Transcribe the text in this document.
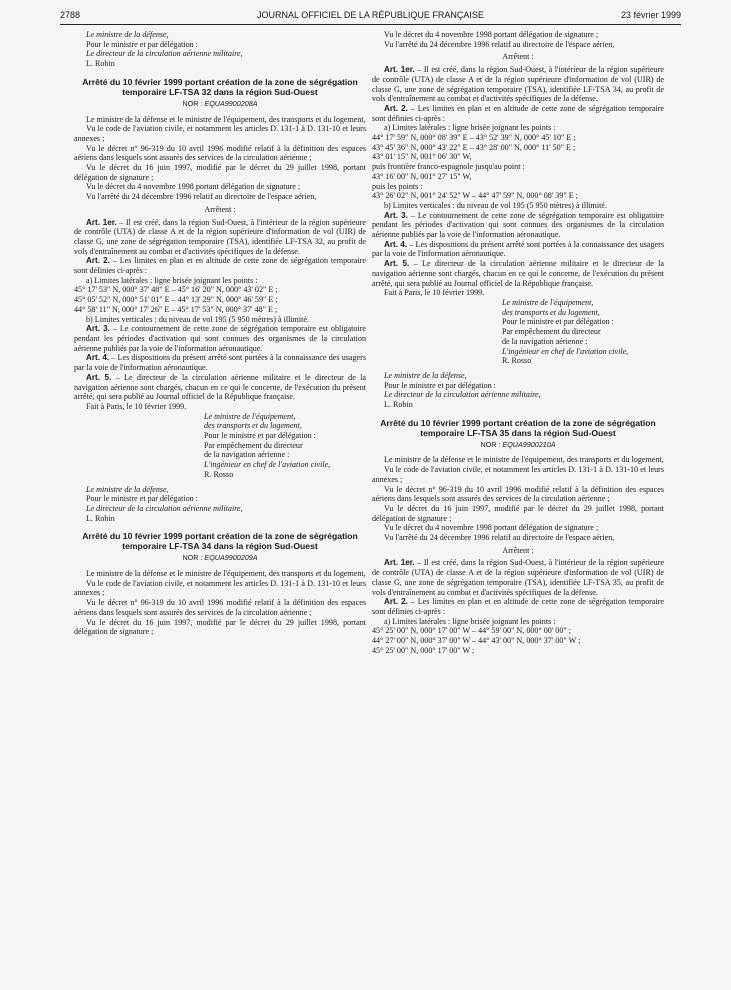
2788	JOURNAL OFFICIEL DE LA RÉPUBLIQUE FRANÇAISE	23 février 1999

Le ministre de la défense,

Pour le ministre et par délégation :

Le directeur de la circulation aérienne militaire,

L. Robin

Arrêté du 10 février 1999 portant création de la zone de ségrégation temporaire LF-TSA 32 dans la région Sud-Ouest
NOR : EQUA9900208A

Le ministre de la défense et le ministre de l'équipement, des transports et du logement,

Vu le code de l'aviation civile, et notamment les articles D. 131-1 à D. 131-10 et leurs annexes ;

Vu le décret n° 96-319 du 10 avril 1996 modifié relatif à la définition des espaces aériens dans lesquels sont assurés des services de la circulation aérienne ;

Vu le décret du 16 juin 1997, modifié par le décret du 29 juillet 1998, portant délégation de signature ;

Vu le décret du 4 novembre 1998 portant délégation de signature ;

Vu l'arrêté du 24 décembre 1996 relatif au directoire de l'espace aérien,

Arrêtent :

Art. 1er. – Il est créé, dans la région Sud-Ouest, à l'intérieur de la région supérieure de contrôle (UTA) de classe A et de la région supérieure d'information de vol (UIR) de classe G, une zone de ségrégation temporaire (TSA), identifiée LF-TSA 32, au profit de vols d'entraînement au combat et d'activités spécifiques de la défense.

Art. 2. – Les limites en plan et en altitude de cette zone de ségrégation temporaire sont définies ci-après :

a) Limites latérales : ligne brisée joignant les points :

45° 17' 53" N, 000° 37' 48" E – 45° 16' 20" N, 000° 43' 02" E ;

45° 05' 52" N, 000° 51' 01" E – 44° 13' 29" N, 000° 46' 59" E ;

44° 58' 11" N, 000° 17' 26" E – 45° 17' 53" N, 000° 37' 48" E ;

b) Limites verticales : du niveau de vol 195 (5 950 mètres) à illimité.

Art. 3. – Le contournement de cette zone de ségrégation temporaire est obligatoire pendant les périodes d'activation qui sont connues des organismes de la circulation aérienne publiés par la voie de l'information aéronautique.

Art. 4. – Les dispositions du présent arrêté sont portées à la connaissance des usagers par la voie de l'information aéronautique.

Art. 5. – Le directeur de la circulation aérienne militaire et le directeur de la navigation aérienne sont chargés, chacun en ce qui le concerne, de l'exécution du présent arrêté, qui sera publié au Journal officiel de la République française.

Fait à Paris, le 10 février 1999.

Le ministre de l'équipement,

des transports et du logement,

Pour le ministre et par délégation :

Par empêchement du directeur

de la navigation aérienne :

L'ingénieur en chef de l'aviation civile,

R. Rosso

Le ministre de la défense,

Pour le ministre et par délégation :

Le directeur de la circulation aérienne militaire,

L. Robin

Arrêté du 10 février 1999 portant création de la zone de ségrégation temporaire LF-TSA 34 dans la région Sud-Ouest
NOR : EQUA9900209A

Le ministre de la défense et le ministre de l'équipement, des transports et du logement,

Vu le code de l'aviation civile, et notamment les articles D. 131-1 à D. 131-10 et leurs annexes ;

Vu le décret n° 96-319 du 10 avril 1996 modifié relatif à la définition des espaces aériens dans lesquels sont assurés des services de la circulation aérienne ;

Vu le décret du 16 juin 1997, modifié par le décret du 29 juillet 1998, portant délégation de signature ;

Vu le décret du 4 novembre 1998 portant délégation de signature ;

Vu l'arrêté du 24 décembre 1996 relatif au directoire de l'espace aérien,

Arrêtent :

Art. 1er. – Il est créé, dans la région Sud-Ouest, à l'intérieur de la région supérieure de contrôle (UTA) de classe A et de la région supérieure d'information de vol (UIR) de classe G, une zone de ségrégation temporaire (TSA), identifiée LF-TSA 34, au profit de vols d'entraînement au combat et d'activités spécifiques de la défense.

Art. 2. – Les limites en plan et en altitude de cette zone de ségrégation temporaire sont définies ci-après :

a) Limites latérales : ligne brisée joignant les points :

44° 17' 59" N, 000° 08' 39" E – 43° 52' 39" N, 000° 45' 10" E ;

43° 45' 36" N, 000° 43' 22" E – 43° 28' 00" N, 000° 11' 50" E ;

43° 01' 15" N, 001° 06' 30" W,

puis frontière franco-espagnole jusqu'au point :

43° 16' 00" N, 001° 27' 15" W,

puis les points :

43° 26' 02" N, 001° 24' 52" W – 44° 47' 59" N, 000° 08' 39" E ;

b) Limites verticales : du niveau de vol 195 (5 950 mètres) à illimité.

Art. 3. – Le contournement de cette zone de ségrégation temporaire est obligatoire pendant les périodes d'activation qui sont connues des organismes de la circulation aérienne publiés par la voie de l'information aéronautique.

Art. 4. – Les dispositions du présent arrêté sont portées à la connaissance des usagers par la voie de l'information aéronautique.

Art. 5. – Le directeur de la circulation aérienne militaire et le directeur de la navigation aérienne sont chargés, chacun en ce qui le concerne, de l'exécution du présent arrêté, qui sera publié au Journal officiel de la République française.

Fait à Paris, le 10 février 1999.

Le ministre de l'équipement,

des transports et du logement,

Pour le ministre et par délégation :

Par empêchement du directeur

de la navigation aérienne :

L'ingénieur en chef de l'aviation civile,

R. Rosso

Le ministre de la défense,

Pour le ministre et par délégation :

Le directeur de la circulation aérienne militaire,

L. Robin

Arrêté du 10 février 1999 portant création de la zone de ségrégation temporaire LF-TSA 35 dans la région Sud-Ouest
NOR : EQUA9900210A

Le ministre de la défense et le ministre de l'équipement, des transports et du logement,

Vu le code de l'aviation civile, et notamment les articles D. 131-1 à D. 131-10 et leurs annexes ;

Vu le décret n° 96-319 du 10 avril 1996 modifié relatif à la définition des espaces aériens dans lesquels sont assurés des services de la circulation aérienne ;

Vu le décret du 16 juin 1997, modifié par le décret du 29 juillet 1998, portant délégation de signature ;

Vu le décret du 4 novembre 1998 portant délégation de signature ;

Vu l'arrêté du 24 décembre 1996 relatif au directoire de l'espace aérien,

Arrêtent :

Art. 1er. – Il est créé, dans la région Sud-Ouest, à l'intérieur de la région supérieure de contrôle (UTA) de classe A et de la région supérieure d'information de vol (UIR) de classe G, une zone de ségrégation temporaire (TSA), identifiée LF-TSA 35, au profit de vols d'entraînement au combat et d'activités spécifiques de la défense.

Art. 2. – Les limites en plan et en altitude de cette zone de ségrégation temporaire sont définies ci-après :

a) Limites latérales : ligne brisée joignant les points :

45° 25' 00" N, 000° 17' 00" W – 44° 59' 00" N, 000° 00' 00" ;

44° 27' 00" N, 000° 37' 00" W – 44° 43' 00" N, 000° 37' 00" W ;

45° 25' 00" N, 000° 17' 00" W ;
